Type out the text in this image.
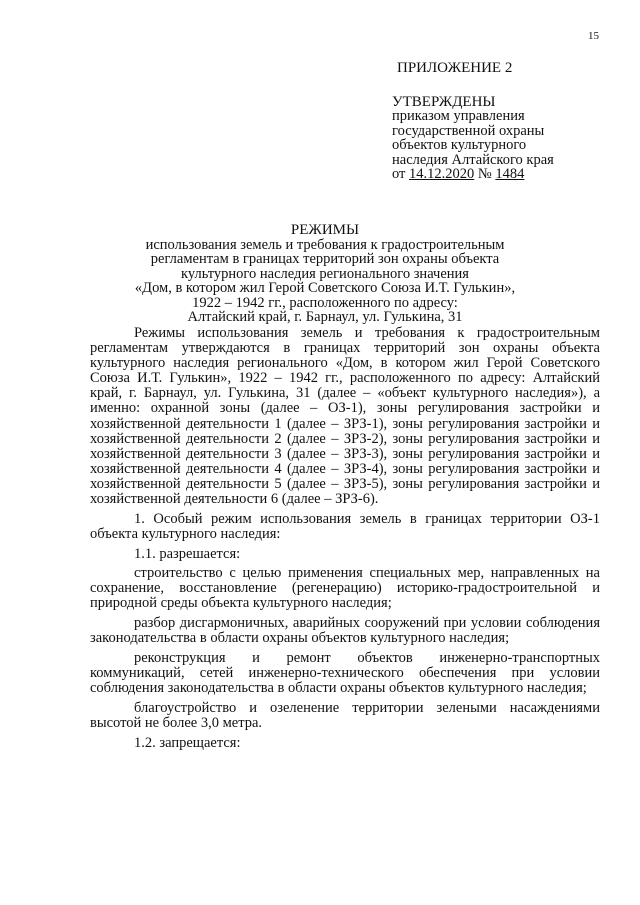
15
ПРИЛОЖЕНИЕ 2
УТВЕРЖДЕНЫ
приказом управления
государственной охраны
объектов культурного
наследия Алтайского края
от 14.12.2020 № 1484
РЕЖИМЫ
использования земель и требования к градостроительным
регламентам в границах территорий зон охраны объекта
культурного наследия регионального значения
«Дом, в котором жил Герой Советского Союза И.Т. Гулькин»,
1922 – 1942 гг., расположенного по адресу:
Алтайский край, г. Барнаул, ул. Гулькина, 31

Режимы использования земель и требования к градостроительным регламентам утверждаются в границах территорий зон охраны объекта культурного наследия регионального «Дом, в котором жил Герой Советского Союза И.Т. Гулькин», 1922 – 1942 гг., расположенного по адресу: Алтайский край, г. Барнаул, ул. Гулькина, 31 (далее – «объект культурного наследия»), а именно: охранной зоны (далее – ОЗ-1), зоны регулирования застройки и хозяйственной деятельности 1 (далее – ЗРЗ-1), зоны регулирования застройки и хозяйственной деятельности 2 (далее – ЗРЗ-2), зоны регулирования застройки и хозяйственной деятельности 3 (далее – ЗРЗ-3), зоны регулирования застройки и хозяйственной деятельности 4 (далее – ЗРЗ-4), зоны регулирования застройки и хозяйственной деятельности 5 (далее – ЗРЗ-5), зоны регулирования застройки и хозяйственной деятельности 6 (далее – ЗРЗ-6).

1. Особый режим использования земель в границах территории ОЗ-1 объекта культурного наследия:

1.1. разрешается:

строительство с целью применения специальных мер, направленных на сохранение, восстановление (регенерацию) историко-градостроительной и природной среды объекта культурного наследия;

разбор дисгармоничных, аварийных сооружений при условии соблюдения законодательства в области охраны объектов культурного наследия;

реконструкция и ремонт объектов инженерно-транспортных коммуникаций, сетей инженерно-технического обеспечения при условии соблюдения законодательства в области охраны объектов культурного наследия;

благоустройство и озеленение территории зелеными насаждениями высотой не более 3,0 метра.

1.2. запрещается:
